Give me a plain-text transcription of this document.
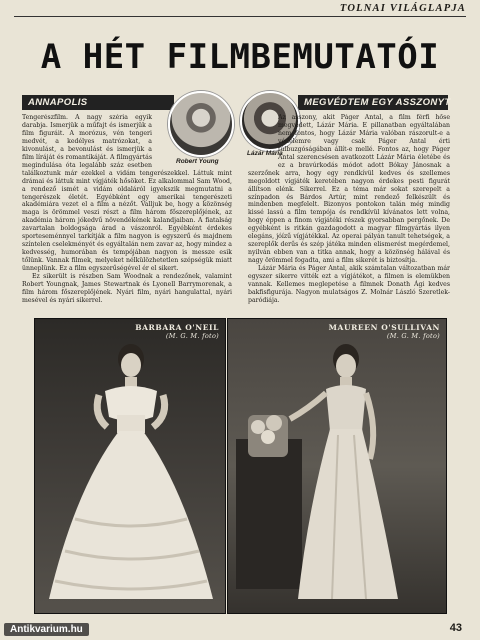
TOLNAI VILÁGLAPJA
A HÉT FILMBEMUTATÓI
ANNAPOLIS	MEGVÉDTEM EGY ASSZONYT
Robert Young
Lázár Mária

Tengerészfilm. A nagy széria egyik darabja. Ismerjük a műfajt és ismerjük a film figuráit. A morózus, vén tengeri medvét, a kedélyes matrózokat, a kivonulást, a bevonulást és ismerjük a film líráját és romantikáját. A filmgyártás megindulása óta legalább száz esetben találkoztunk már ezekkel a vidám tengerészekkel. Láttuk mint drámai és láttuk mint vígjáték hősöket. Ez alkalommal Sam Wood, a rendező ismét a vidám oldaláról igyekszik megmutatni a tengerészek életét. Egyébként egy amerikai tengerészeti akadémiára vezet el a film a nézőt. Valljuk be, hogy a közönség maga is örömmel veszi részt a film három főszereplőjének, az akadémia három jókedvű növendékének kalandjaiban. A fiatalság zavartalan boldogsága árad a vászonról. Egyébként érdekes sporteseménnyel tarkítják a film nagyon is egyszerű és majdnem színtelen cselekményét és egyáltalán nem zavar az, hogy mindez a kedvesség, humorában és tempójában nagyon is messze esik tőlünk. Vannak filmek, melyeket nélkülözhetetlen szépségük miatt ünneplünk. Ez a film egyszerűségével ér el sikert.

Ez sikerült is részben Sam Woodnak a rendezőnek, valamint Robert Youngnak, James Stewartnak és Lyonell Barrymorenak, a film három főszereplőjének. Nyári film, nyári hangulattal, nyári mesével és nyári sikerrel.

Az asszony, akit Páger Antal, a film férfi hőse megvédett, Lázár Mária. E pillanatban egyáltalában nem fontos, hogy Lázár Mária valóban rászorult-e a védelemre vagy csak Páger Antal érti túlbuzgóságában állít-e mellé. Fontos az, hogy Páger Antal szerencsésen avatkozott Lázár Mária életébe és ez a bravúrkodás módot adott Bókay Jánosnak a szerzőnek arra, hogy egy rendkívül kedves és szellemes megoldott vígjáték keretében nagyon érdekes pesti figurát állítson elénk. Sikerrel. Ez a téma már sokat szerepelt a színpadon és Bárdos Artúr, mint rendező felkészült és mindenben megfelelt. Bizonyos pontokon talán még mindig kissé lassú a film tempója és rendkívül kívánatos lett volna, hogy éppen a finom vígjátéki részek gyorsabban pergőnek. De egyébként is ritkán gazdagodott a magyar filmgyártás ilyen elegáns, jóízű vígjátékkal. Az operai pályán tanult tehetségek, a szereplők derűs és szép játéka minden elismerést megérdemel, nyilván ebben van a titka annak, hogy a közönség hálával és nagy örömmel fogadta, ami a film sikerét is biztosítja.

Lázár Mária és Páger Antal, akik számtalan változatban már egyszer sikerre vitték ezt a vígjátékot, a filmen is elemükben vannak. Kellemes meglepetése a filmnek Donath Ági kedves bakfisfigurája. Nagyon mulatságos Z. Molnár László Szeretlek-paródiája.

BARBARA O'NEIL
(M. G. M. foto)
MAUREEN O'SULLIVAN
(M. G. M. foto)
Antikvarium.hu	43
